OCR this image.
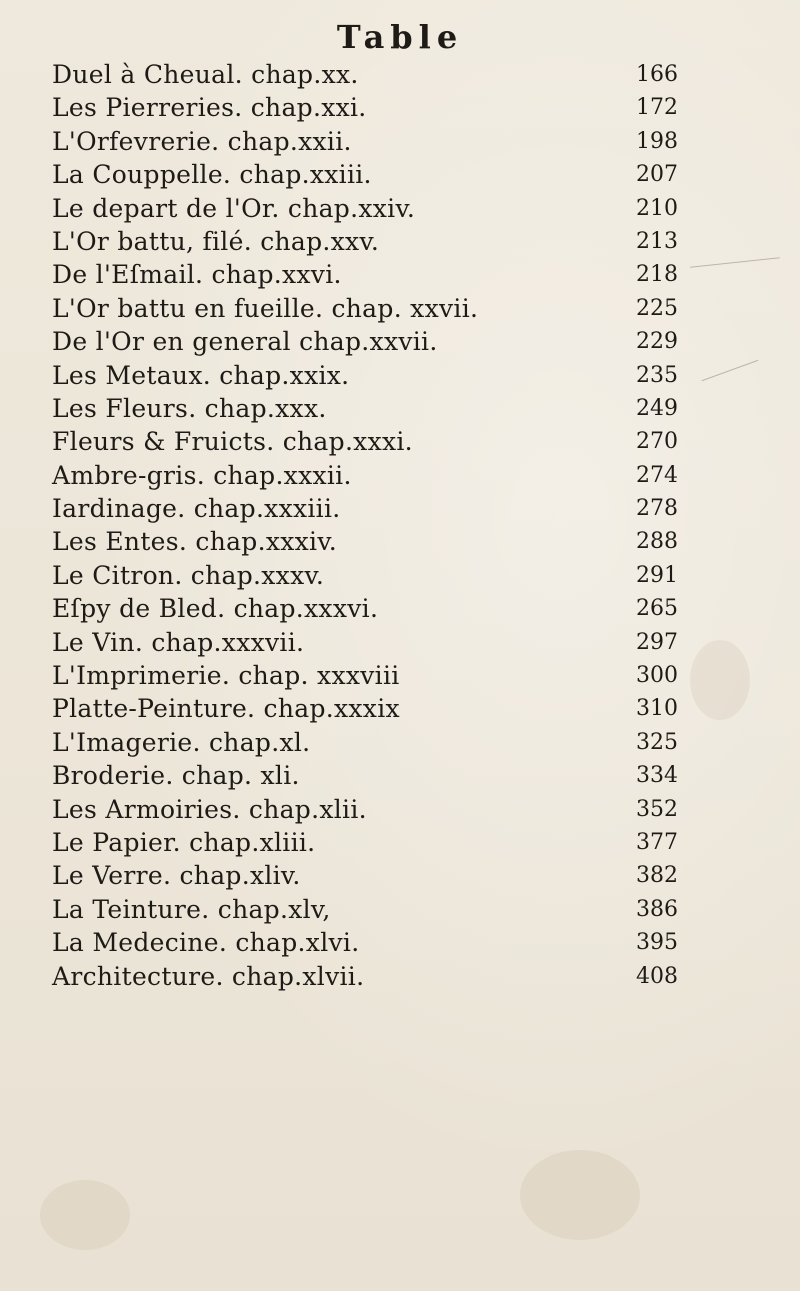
Table
Duel à Cheual. chap.xx.	166
Les Pierreries. chap.xxi.	172
L'Orfevrerie. chap.xxii.	198
La Couppelle. chap.xxiii.	207
Le depart de l'Or. chap.xxiv.	210
L'Or battu, filé. chap.xxv.	213
De l'Eſmail. chap.xxvi.	218
L'Or battu en fueille. chap. xxvii.	225
De l'Or en general chap.xxvii.	229
Les Metaux. chap.xxix.	235
Les Fleurs. chap.xxx.	249
Fleurs & Fruicts. chap.xxxi.	270
Ambre-gris. chap.xxxii.	274
Iardinage. chap.xxxiii.	278
Les Entes. chap.xxxiv.	288
Le Citron. chap.xxxv.	291
Eſpy de Bled. chap.xxxvi.	265
Le Vin. chap.xxxvii.	297
L'Imprimerie. chap. xxxviii	300
Platte-Peinture. chap.xxxix	310
L'Imagerie. chap.xl.	325
Broderie. chap. xli.	334
Les Armoiries. chap.xlii.	352
Le Papier. chap.xliii.	377
Le Verre. chap.xliv.	382
La Teinture. chap.xlv,	386
La Medecine. chap.xlvi.	395
Architecture. chap.xlvii.	408
